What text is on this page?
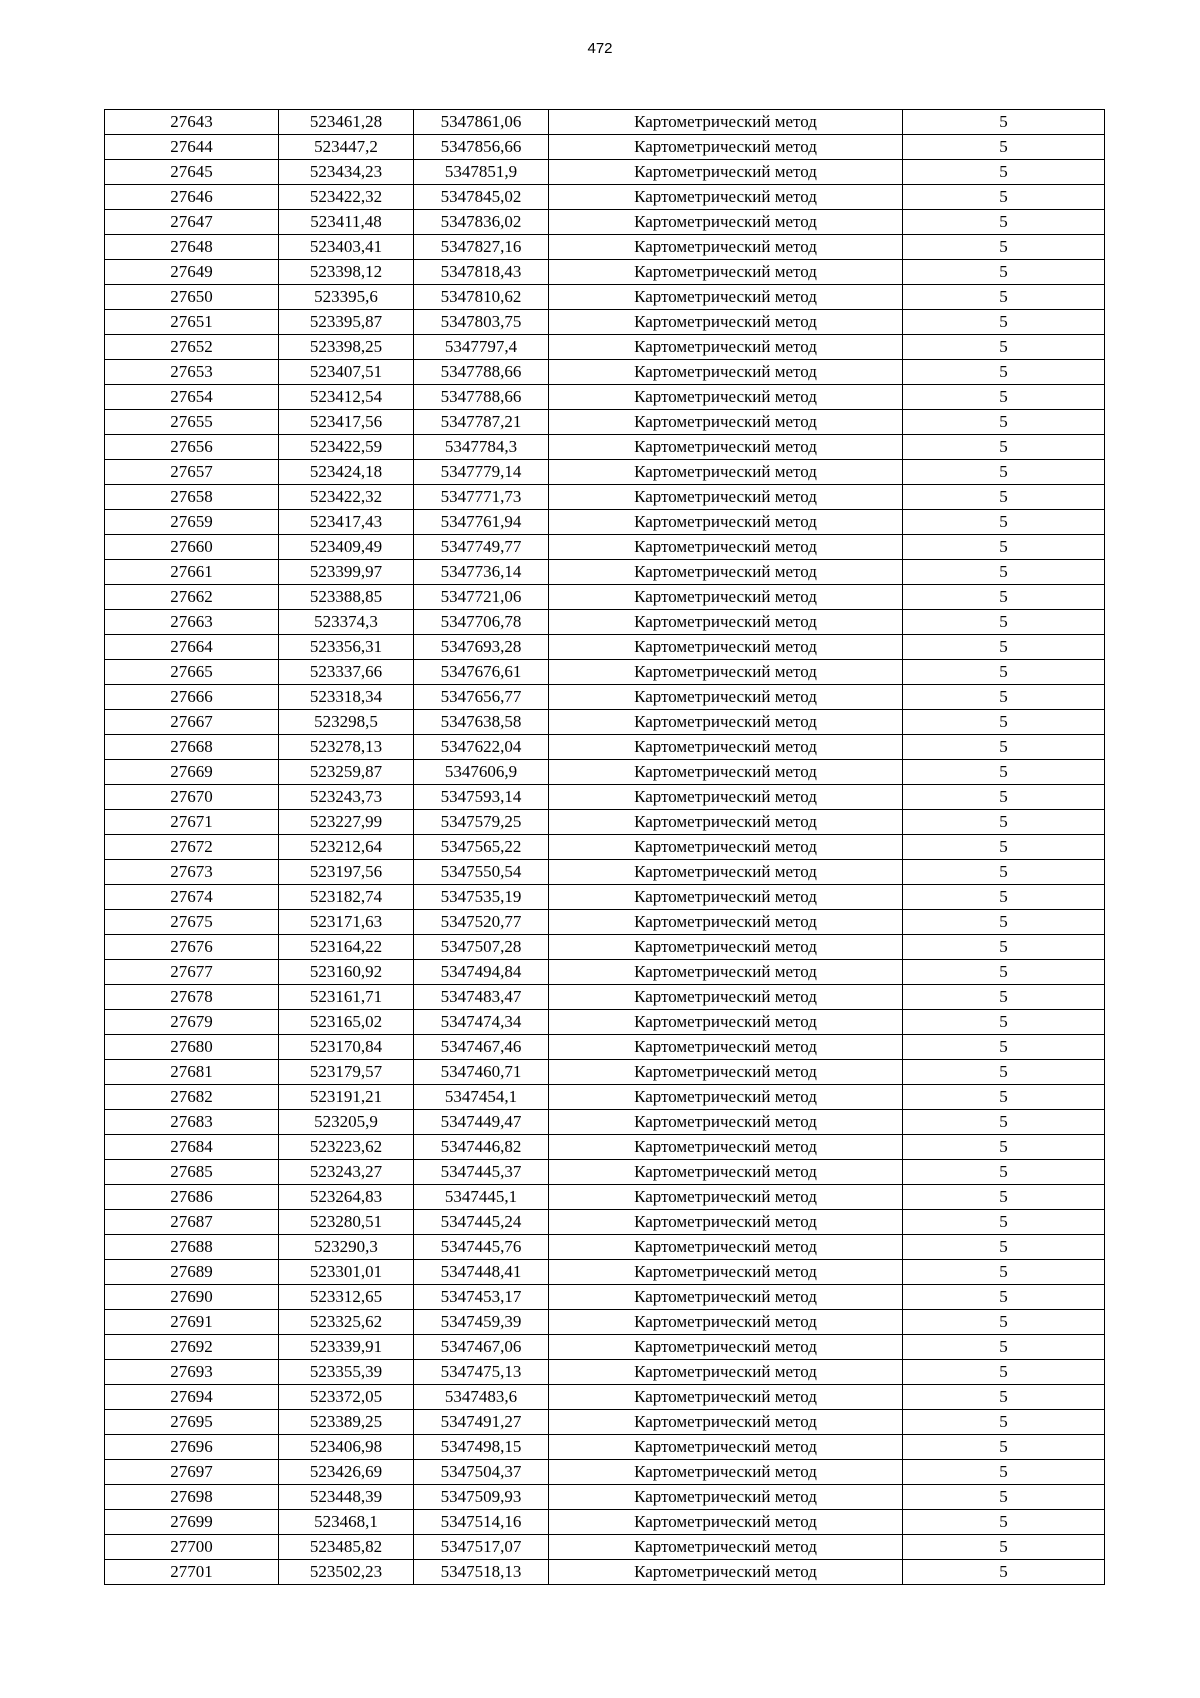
472
27643	523461,28	5347861,06	Картометрический метод	5
27644	523447,2	5347856,66	Картометрический метод	5
27645	523434,23	5347851,9	Картометрический метод	5
27646	523422,32	5347845,02	Картометрический метод	5
27647	523411,48	5347836,02	Картометрический метод	5
27648	523403,41	5347827,16	Картометрический метод	5
27649	523398,12	5347818,43	Картометрический метод	5
27650	523395,6	5347810,62	Картометрический метод	5
27651	523395,87	5347803,75	Картометрический метод	5
27652	523398,25	5347797,4	Картометрический метод	5
27653	523407,51	5347788,66	Картометрический метод	5
27654	523412,54	5347788,66	Картометрический метод	5
27655	523417,56	5347787,21	Картометрический метод	5
27656	523422,59	5347784,3	Картометрический метод	5
27657	523424,18	5347779,14	Картометрический метод	5
27658	523422,32	5347771,73	Картометрический метод	5
27659	523417,43	5347761,94	Картометрический метод	5
27660	523409,49	5347749,77	Картометрический метод	5
27661	523399,97	5347736,14	Картометрический метод	5
27662	523388,85	5347721,06	Картометрический метод	5
27663	523374,3	5347706,78	Картометрический метод	5
27664	523356,31	5347693,28	Картометрический метод	5
27665	523337,66	5347676,61	Картометрический метод	5
27666	523318,34	5347656,77	Картометрический метод	5
27667	523298,5	5347638,58	Картометрический метод	5
27668	523278,13	5347622,04	Картометрический метод	5
27669	523259,87	5347606,9	Картометрический метод	5
27670	523243,73	5347593,14	Картометрический метод	5
27671	523227,99	5347579,25	Картометрический метод	5
27672	523212,64	5347565,22	Картометрический метод	5
27673	523197,56	5347550,54	Картометрический метод	5
27674	523182,74	5347535,19	Картометрический метод	5
27675	523171,63	5347520,77	Картометрический метод	5
27676	523164,22	5347507,28	Картометрический метод	5
27677	523160,92	5347494,84	Картометрический метод	5
27678	523161,71	5347483,47	Картометрический метод	5
27679	523165,02	5347474,34	Картометрический метод	5
27680	523170,84	5347467,46	Картометрический метод	5
27681	523179,57	5347460,71	Картометрический метод	5
27682	523191,21	5347454,1	Картометрический метод	5
27683	523205,9	5347449,47	Картометрический метод	5
27684	523223,62	5347446,82	Картометрический метод	5
27685	523243,27	5347445,37	Картометрический метод	5
27686	523264,83	5347445,1	Картометрический метод	5
27687	523280,51	5347445,24	Картометрический метод	5
27688	523290,3	5347445,76	Картометрический метод	5
27689	523301,01	5347448,41	Картометрический метод	5
27690	523312,65	5347453,17	Картометрический метод	5
27691	523325,62	5347459,39	Картометрический метод	5
27692	523339,91	5347467,06	Картометрический метод	5
27693	523355,39	5347475,13	Картометрический метод	5
27694	523372,05	5347483,6	Картометрический метод	5
27695	523389,25	5347491,27	Картометрический метод	5
27696	523406,98	5347498,15	Картометрический метод	5
27697	523426,69	5347504,37	Картометрический метод	5
27698	523448,39	5347509,93	Картометрический метод	5
27699	523468,1	5347514,16	Картометрический метод	5
27700	523485,82	5347517,07	Картометрический метод	5
27701	523502,23	5347518,13	Картометрический метод	5
